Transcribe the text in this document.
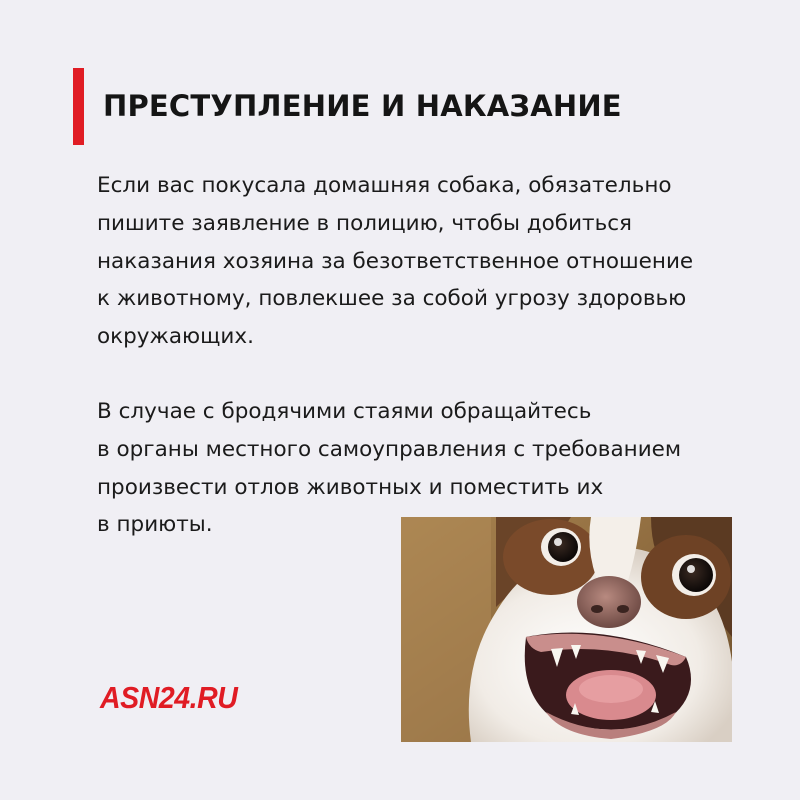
ПРЕСТУПЛЕНИЕ И НАКАЗАНИЕ

Если вас покусала домашняя собака, обязательно
пишите заявление в полицию, чтобы добиться
наказания хозяина за безответственное отношение
к животному, повлекшее за собой угрозу здоровью
окружающих.

В случае с бродячими стаями обращайтесь
в органы местного самоуправления с требованием
произвести отлов животных и поместить их
в приюты.

ASN24.RU
